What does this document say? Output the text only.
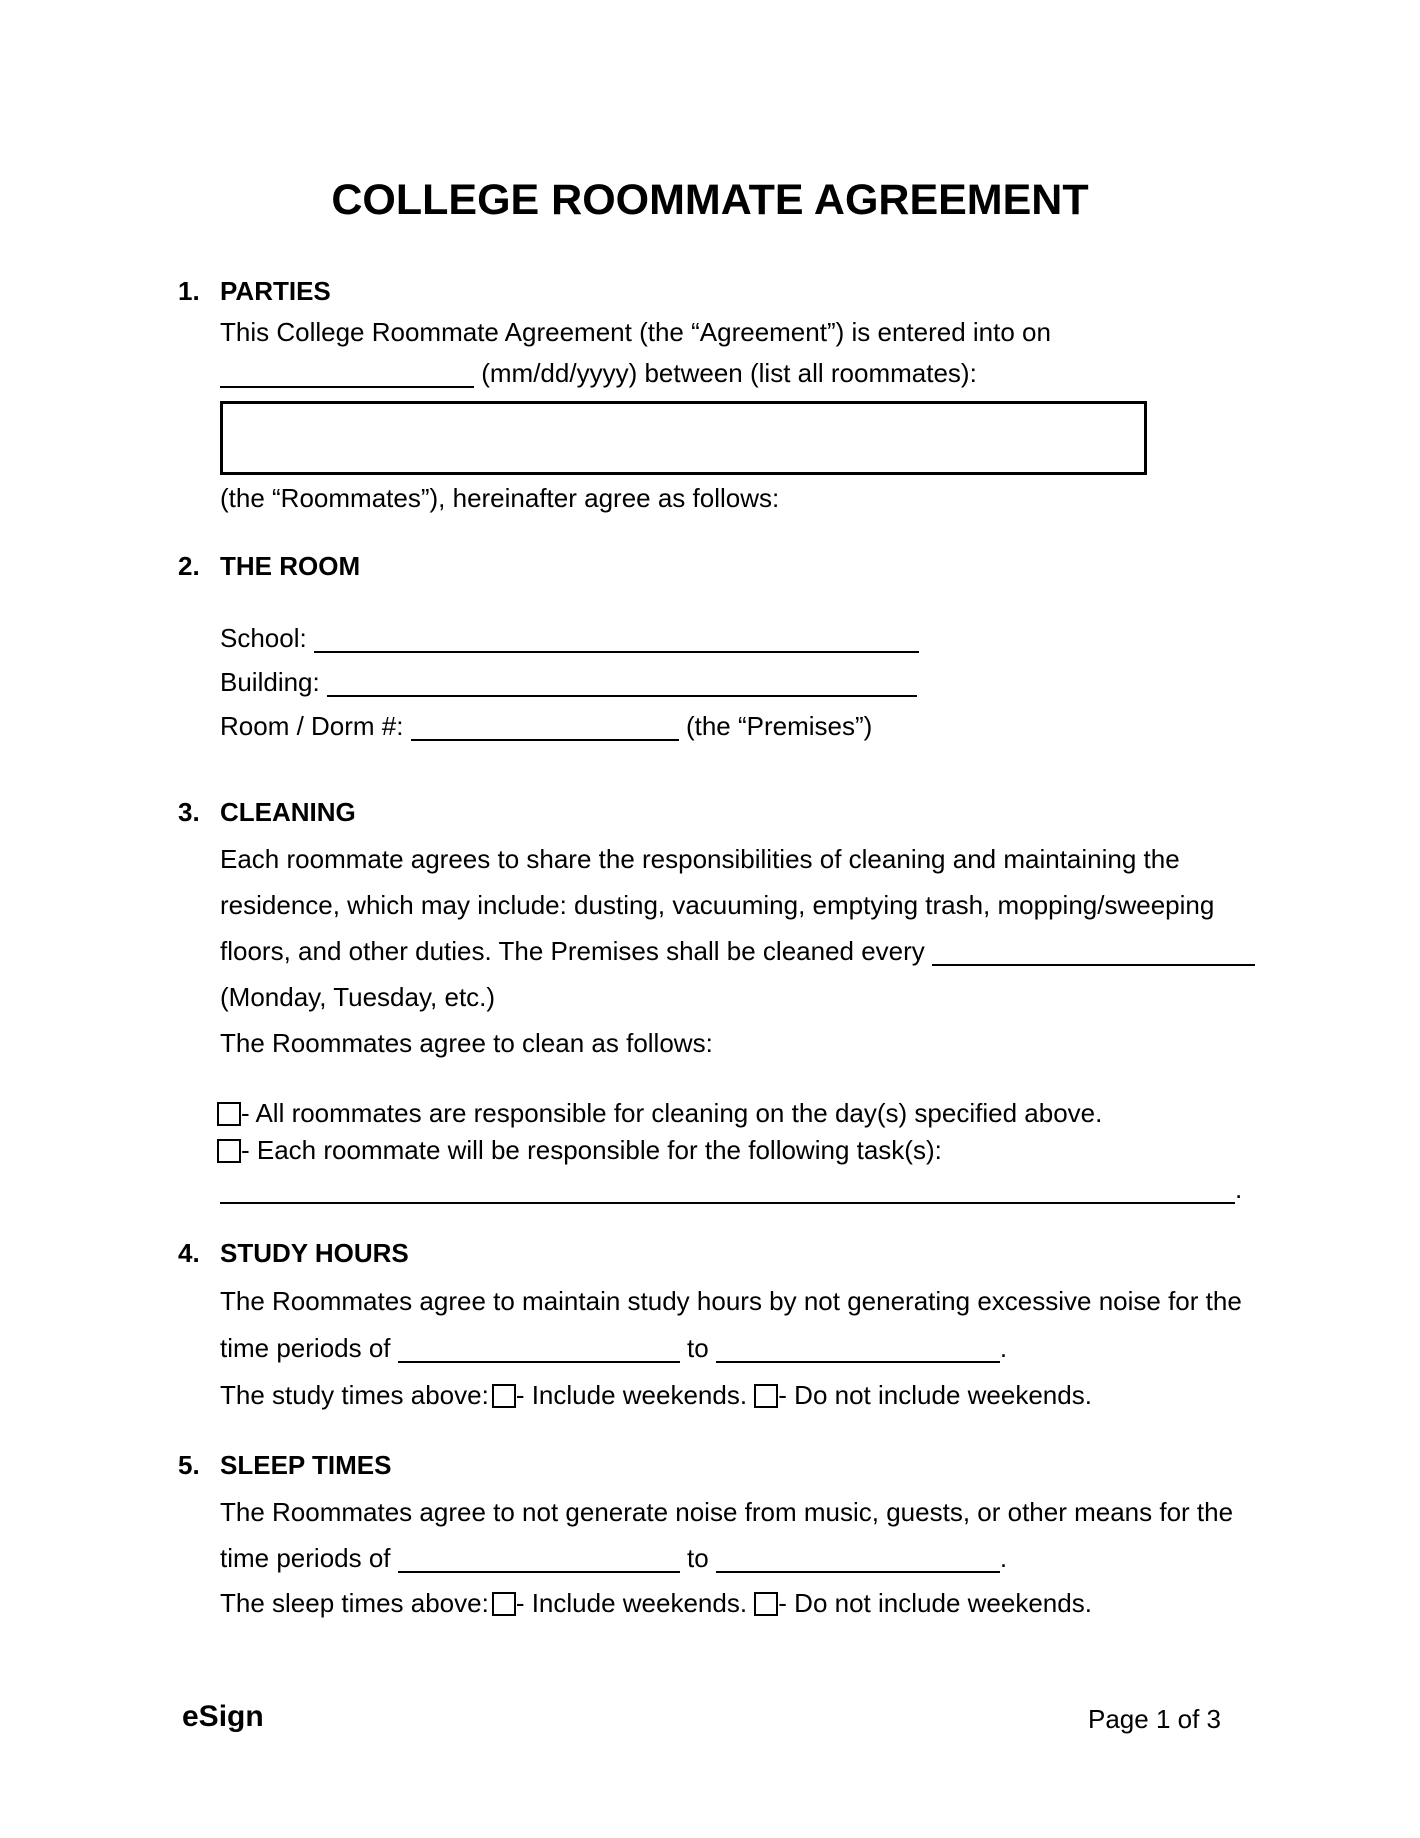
COLLEGE ROOMMATE AGREEMENT
1. PARTIES
This College Roommate Agreement (the “Agreement”) is entered into on
(mm/dd/yyyy) between (list all roommates):
(the “Roommates”), hereinafter agree as follows:
2. THE ROOM
School:
Building:
Room / Dorm #:	(the “Premises”)
3. CLEANING
Each roommate agrees to share the responsibilities of cleaning and maintaining the
residence, which may include: dusting, vacuuming, emptying trash, mopping/sweeping
floors, and other duties. The Premises shall be cleaned every
(Monday, Tuesday, etc.)
The Roommates agree to clean as follows:
- All roommates are responsible for cleaning on the day(s) specified above.
- Each roommate will be responsible for the following task(s):
.
4. STUDY HOURS
The Roommates agree to maintain study hours by not generating excessive noise for the
time periods of	to	.
The study times above: - Include weekends. - Do not include weekends.
5. SLEEP TIMES
The Roommates agree to not generate noise from music, guests, or other means for the
time periods of	to	.
The sleep times above: - Include weekends. - Do not include weekends.
eSign	Page 1 of 3
